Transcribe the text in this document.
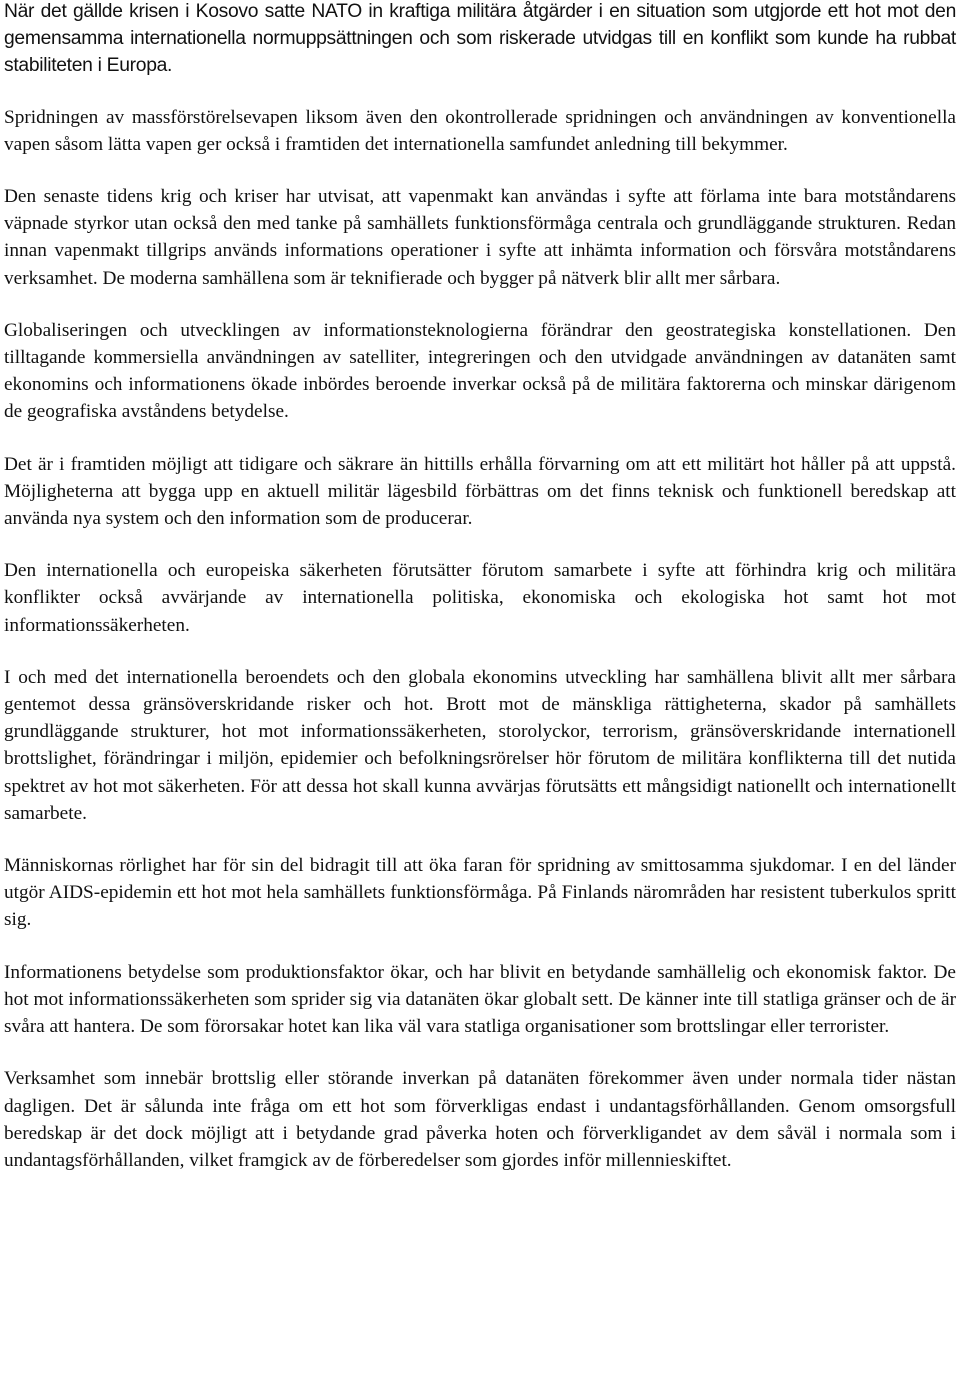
När det gällde krisen i Kosovo satte NATO in kraftiga militära åtgärder i en situation som utgjorde ett hot mot den gemensamma internationella normuppsättningen och som riskerade utvidgas till en konflikt som kunde ha rubbat stabiliteten i Europa.

Spridningen av massförstörelsevapen liksom även den okontrollerade spridningen och användningen av konventionella vapen såsom lätta vapen ger också i framtiden det internationella samfundet anledning till bekymmer.

Den senaste tidens krig och kriser har utvisat, att vapenmakt kan användas i syfte att förlama inte bara motståndarens väpnade styrkor utan också den med tanke på samhällets funktionsförmåga centrala och grundläggande strukturen. Redan innan vapenmakt tillgrips används informations operationer i syfte att inhämta information och försvåra motståndarens verksamhet. De moderna samhällena som är teknifierade och bygger på nätverk blir allt mer sårbara.

Globaliseringen och utvecklingen av informationsteknologierna förändrar den geostrategiska konstellationen. Den tilltagande kommersiella användningen av satelliter, integreringen och den utvidgade användningen av datanäten samt ekonomins och informationens ökade inbördes beroende inverkar också på de militära faktorerna och minskar därigenom de geografiska avståndens betydelse.

Det är i framtiden möjligt att tidigare och säkrare än hittills erhålla förvarning om att ett militärt hot håller på att uppstå. Möjligheterna att bygga upp en aktuell militär lägesbild förbättras om det finns teknisk och funktionell beredskap att använda nya system och den information som de producerar.

Den internationella och europeiska säkerheten förutsätter förutom samarbete i syfte att förhindra krig och militära konflikter också avvärjande av internationella politiska, ekonomiska och ekologiska hot samt hot mot informationssäkerheten.

I och med det internationella beroendets och den globala ekonomins utveckling har samhällena blivit allt mer sårbara gentemot dessa gränsöverskridande risker och hot. Brott mot de mänskliga rättigheterna, skador på samhällets grundläggande strukturer, hot mot informationssäkerheten, storolyckor, terrorism, gränsöverskridande internationell brottslighet, förändringar i miljön, epidemier och befolkningsrörelser hör förutom de militära konflikterna till det nutida spektret av hot mot säkerheten. För att dessa hot skall kunna avvärjas förutsätts ett mångsidigt nationellt och internationellt samarbete.

Människornas rörlighet har för sin del bidragit till att öka faran för spridning av smittosamma sjukdomar. I en del länder utgör AIDS-epidemin ett hot mot hela samhällets funktionsförmåga. På Finlands närområden har resistent tuberkulos spritt sig.

Informationens betydelse som produktionsfaktor ökar, och har blivit en betydande samhällelig och ekonomisk faktor. De hot mot informationssäkerheten som sprider sig via datanäten ökar globalt sett. De känner inte till statliga gränser och de är svåra att hantera. De som förorsakar hotet kan lika väl vara statliga organisationer som brottslingar eller terrorister.

Verksamhet som innebär brottslig eller störande inverkan på datanäten förekommer även under normala tider nästan dagligen. Det är sålunda inte fråga om ett hot som förverkligas endast i undantagsförhållanden. Genom omsorgsfull beredskap är det dock möjligt att i betydande grad påverka hoten och förverkligandet av dem såväl i normala som i undantagsförhållanden, vilket framgick av de förberedelser som gjordes inför millennieskiftet.
